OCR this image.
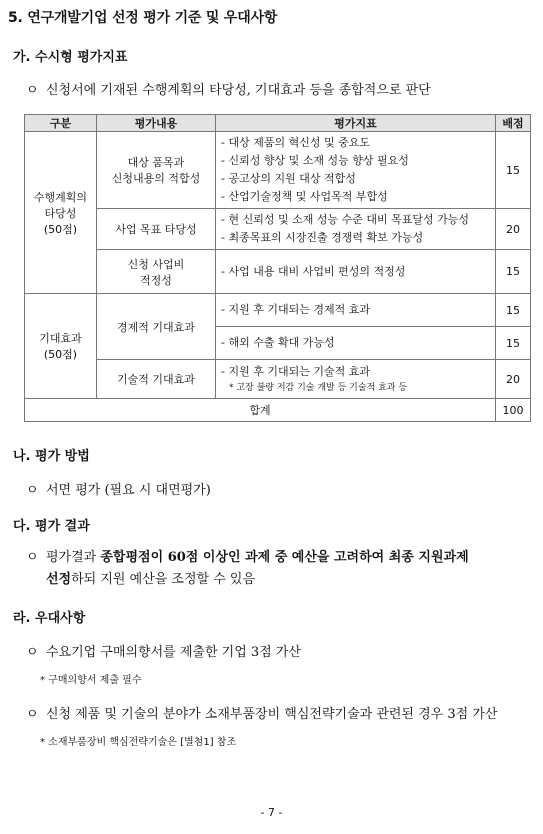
5. 연구개발기업 선정 평가 기준 및 우대사항
가. 수시형 평가지표
ㅇ 신청서에 기재된 수행계획의 타당성, 기대효과 등을 종합적으로 판단
구분	평가내용	평가지표	배점

수행계획의
타당성
(50점)	대상 품목과
신청내용의 적합성	- 대상 제품의 혁신성 및 중요도
- 신뢰성 향상 및 소재 성능 향상 필요성
- 공고상의 지원 대상 적합성
- 산업기술정책 및 사업목적 부합성	15

	사업 목표 타당성	- 현 신뢰성 및 소재 성능 수준 대비 목표달성 가능성
- 최종목표의 시장진출 경쟁력 확보 가능성	20

	신청 사업비
적정성	- 사업 내용 대비 사업비 편성의 적정성	15

기대효과
(50점)	경제적 기대효과	- 지원 후 기대되는 경제적 효과	15

		- 해외 수출 확대 가능성	15

	기술적 기대효과	- 지원 후 기대되는 기술적 효과
* 고장 불량 저감 기술 개발 등 기술적 효과 등	20
합계			100
나. 평가 방법
ㅇ 서면 평가 (필요 시 대면평가)
다. 평가 결과
ㅇ 평가결과 종합평점이 60점 이상인 과제 중 예산을 고려하여 최종 지원과제
선정하되 지원 예산을 조정할 수 있음
라. 우대사항
ㅇ 수요기업 구매의향서를 제출한 기업 3점 가산
* 구매의향서 제출 필수
ㅇ 신청 제품 및 기술의 분야가 소재부품장비 핵심전략기술과 관련된 경우 3점 가산
* 소재부품장비 핵심전략기술은 [별첨1] 참조
- 7 -
